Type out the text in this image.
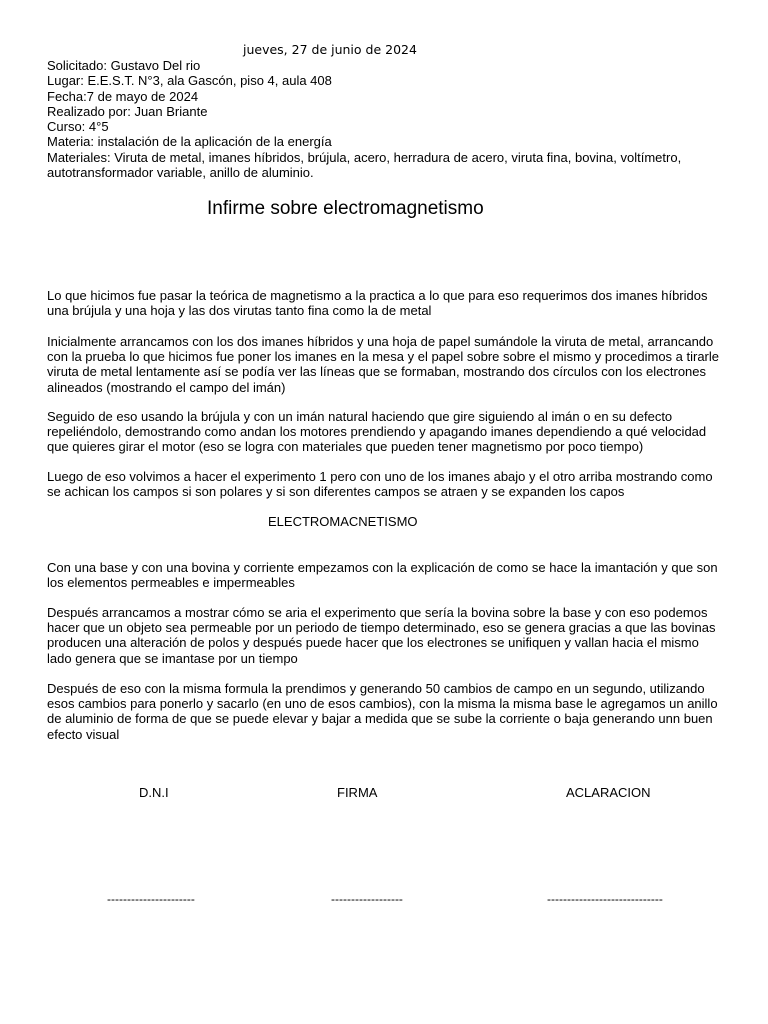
jueves, 27 de junio de 2024
Solicitado: Gustavo Del rio
Lugar: E.E.S.T. N°3, ala Gascón, piso 4, aula 408
Fecha:7 de mayo de 2024
Realizado por: Juan Briante
Curso: 4°5
Materia: instalación de la aplicación de la energía
Materiales: Viruta de metal, imanes híbridos, brújula, acero, herradura de acero, viruta fina, bovina, voltímetro, autotransformador variable, anillo de aluminio.
Infirme sobre electromagnetismo

Lo que hicimos fue pasar la teórica de magnetismo a la practica a lo que para eso requerimos dos imanes híbridos una brújula y una hoja y las dos virutas tanto fina como la de metal

Inicialmente arrancamos con los dos imanes híbridos y una hoja de papel sumándole la viruta de metal, arrancando con la prueba lo que hicimos fue poner los imanes en la mesa y el papel sobre sobre el mismo y procedimos a tirarle viruta de metal lentamente así se podía ver las líneas que se formaban, mostrando dos círculos con los electrones alineados (mostrando el campo del imán)

Seguido de eso usando la brújula y con un imán natural haciendo que gire siguiendo al imán o en su defecto repeliéndolo, demostrando como andan los motores prendiendo y apagando imanes dependiendo a qué velocidad que quieres girar el motor (eso se logra con materiales que pueden tener magnetismo por poco tiempo)

Luego de eso volvimos a hacer el experimento 1 pero con uno de los imanes abajo y el otro arriba mostrando como se achican los campos si son polares y si son diferentes campos se atraen y se expanden los capos

ELECTROMACNETISMO

Con una base y con una bovina y corriente empezamos con la explicación de como se hace la imantación y que son los elementos permeables e impermeables

Después arrancamos a mostrar cómo se aria el experimento que sería la bovina sobre la base y con eso podemos hacer que un objeto sea permeable por un periodo de tiempo determinado, eso se genera gracias a que las bovinas producen una alteración de polos y después puede hacer que los electrones se unifiquen y vallan hacia el mismo lado genera que se imantase por un tiempo

Después de eso con la misma formula la prendimos y generando 50 cambios de campo en un segundo, utilizando esos cambios para ponerlo y sacarlo (en uno de esos cambios), con la misma la misma base le agregamos un anillo de aluminio de forma de que se puede elevar y bajar a medida que se sube la corriente o baja generando unn buen efecto visual

D.N.I	FIRMA	ACLARACION
----------------------	------------------	-----------------------------
